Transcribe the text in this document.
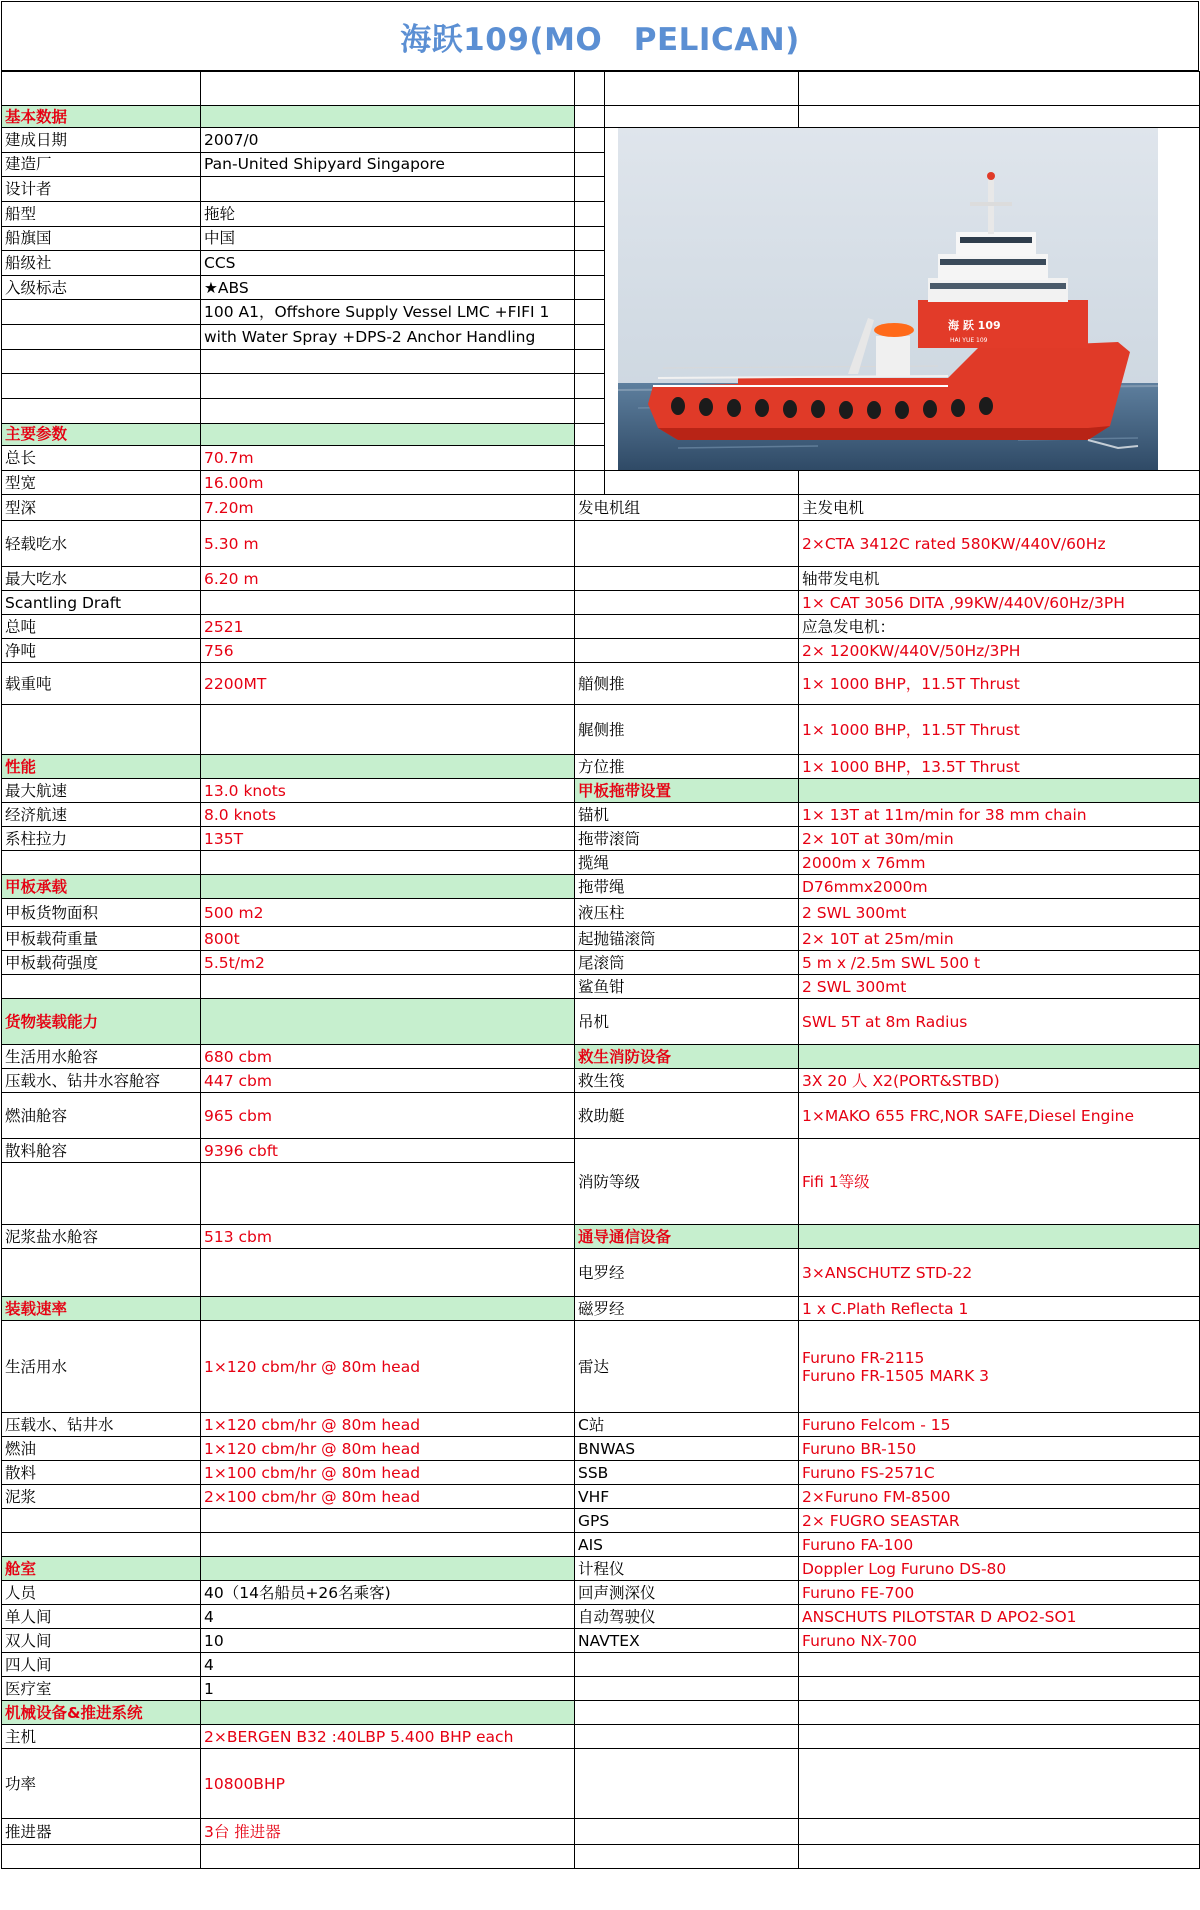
海跃109(MO　PELICAN)

基本数据				
建成日期	2007/0		海 跃 109
HAI YUE 109	

建造厂	Pan-United Shipyard Singapore			
设计者				
船型	拖轮			
船旗国	中国			
船级社	CCS			
入级标志	★ABS			
	100 A1，Offshore Supply Vessel LMC +FIFI 1			
	with Water Spray +DPS-2 Anchor Handling			

主要参数				
总长	70.7m			
型宽	16.00m			
型深	7.20m	发电机组		主发电机
轻载吃水	5.30 m			2×CTA 3412C rated 580KW/440V/60Hz
最大吃水	6.20 m			轴带发电机
Scantling Draft				1× CAT 3056 DITA ,99KW/440V/60Hz/3PH
总吨	2521			应急发电机：
净吨	756			2× 1200KW/440V/50Hz/3PH
载重吨	2200MT	艏侧推		1× 1000 BHP，11.5T Thrust
		艉侧推		1× 1000 BHP，11.5T Thrust
性能		方位推		1× 1000 BHP，13.5T Thrust
最大航速	13.0 knots	甲板拖带设置		
经济航速	8.0 knots	锚机		1× 13T at 11m/min for 38 mm chain
系柱拉力	135T	拖带滚筒		2× 10T at 30m/min
		揽绳		2000m x 76mm
甲板承载		拖带绳		D76mmx2000m
甲板货物面积	500 m2	液压柱		2 SWL 300mt
甲板载荷重量	800t	起抛锚滚筒		2× 10T at 25m/min
甲板载荷强度	5.5t/m2	尾滚筒		5 m x /2.5m SWL 500 t
		鲨鱼钳		2 SWL 300mt
货物装载能力		吊机		SWL 5T at 8m Radius
生活用水舱容	680 cbm	救生消防设备		
压载水、钻井水容舱容	447 cbm	救生筏		3X 20 人 X2(PORT&STBD)
燃油舱容	965 cbm	救助艇		1×MAKO 655 FRC,NOR SAFE,Diesel Engine
散料舱容	9396 cbft	消防等级		Fifi 1等级

泥浆盐水舱容	513 cbm	通导通信设备		
		电罗经		3×ANSCHUTZ STD-22
装载速率		磁罗经		1 x C.Plath Reflecta 1
生活用水	1×120 cbm/hr @ 80m head	雷达		Furuno FR-2115
Furuno FR-1505 MARK 3

压载水、钻井水	1×120 cbm/hr @ 80m head	C站		Furuno Felcom - 15
燃油	1×120 cbm/hr @ 80m head	BNWAS		Furuno BR-150
散料	1×100 cbm/hr @ 80m head	SSB		Furuno FS-2571C
泥浆	2×100 cbm/hr @ 80m head	VHF		2×Furuno FM-8500
		GPS		2× FUGRO SEASTAR
		AIS		Furuno FA-100
舱室		计程仪		Doppler Log Furuno DS-80
人员	40（14名船员+26名乘客)	回声测深仪		Furuno FE-700
单人间	4	自动驾驶仪		ANSCHUTS PILOTSTAR D APO2-SO1
双人间	10	NAVTEX		Furuno NX-700
四人间	4			
医疗室	1			
机械设备&推进系统				
主机	2×BERGEN B32 :40LBP 5.400 BHP each			
功率	10800BHP			
推进器	3台 推进器			
